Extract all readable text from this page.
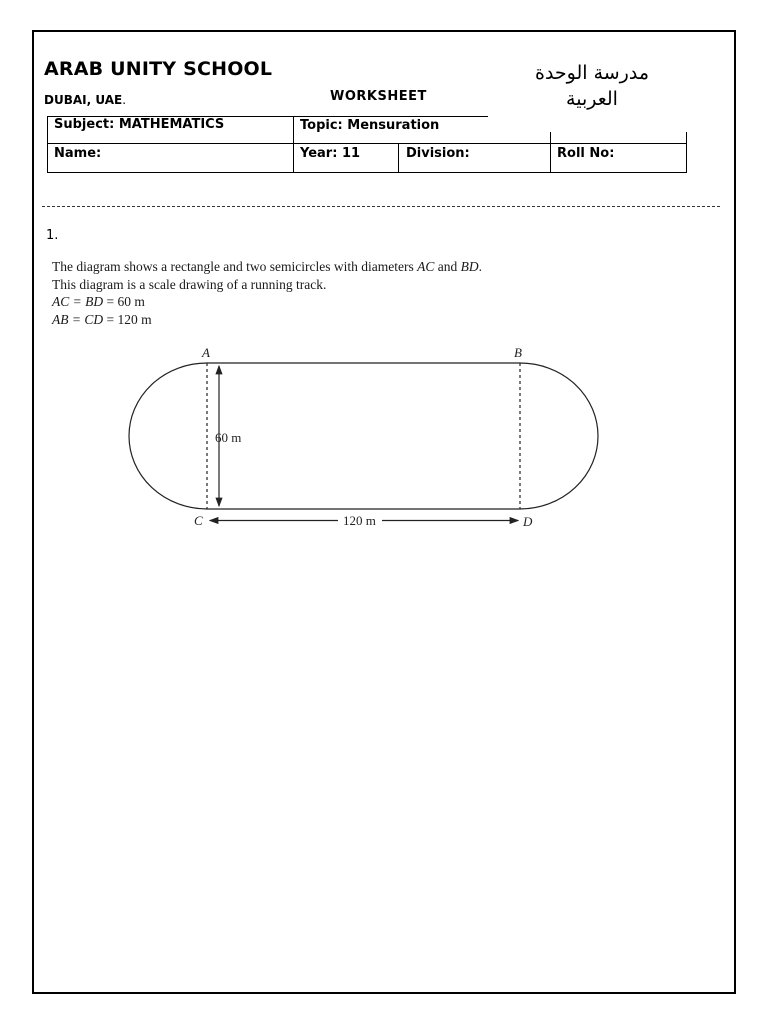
ARAB UNITY SCHOOL
DUBAI, UAE.	WORKSHEET
مدرسة الوحدة
العربية
Subject: MATHEMATICS	Topic: Mensuration
Name:	Year: 11	Division:	Roll No:
1.
The diagram shows a rectangle and two semicircles with diameters AC and BD.
This diagram is a scale drawing of a running track.
AC = BD = 60 m
AB = CD = 120 m
A	B
C	D
60 m
120 m
